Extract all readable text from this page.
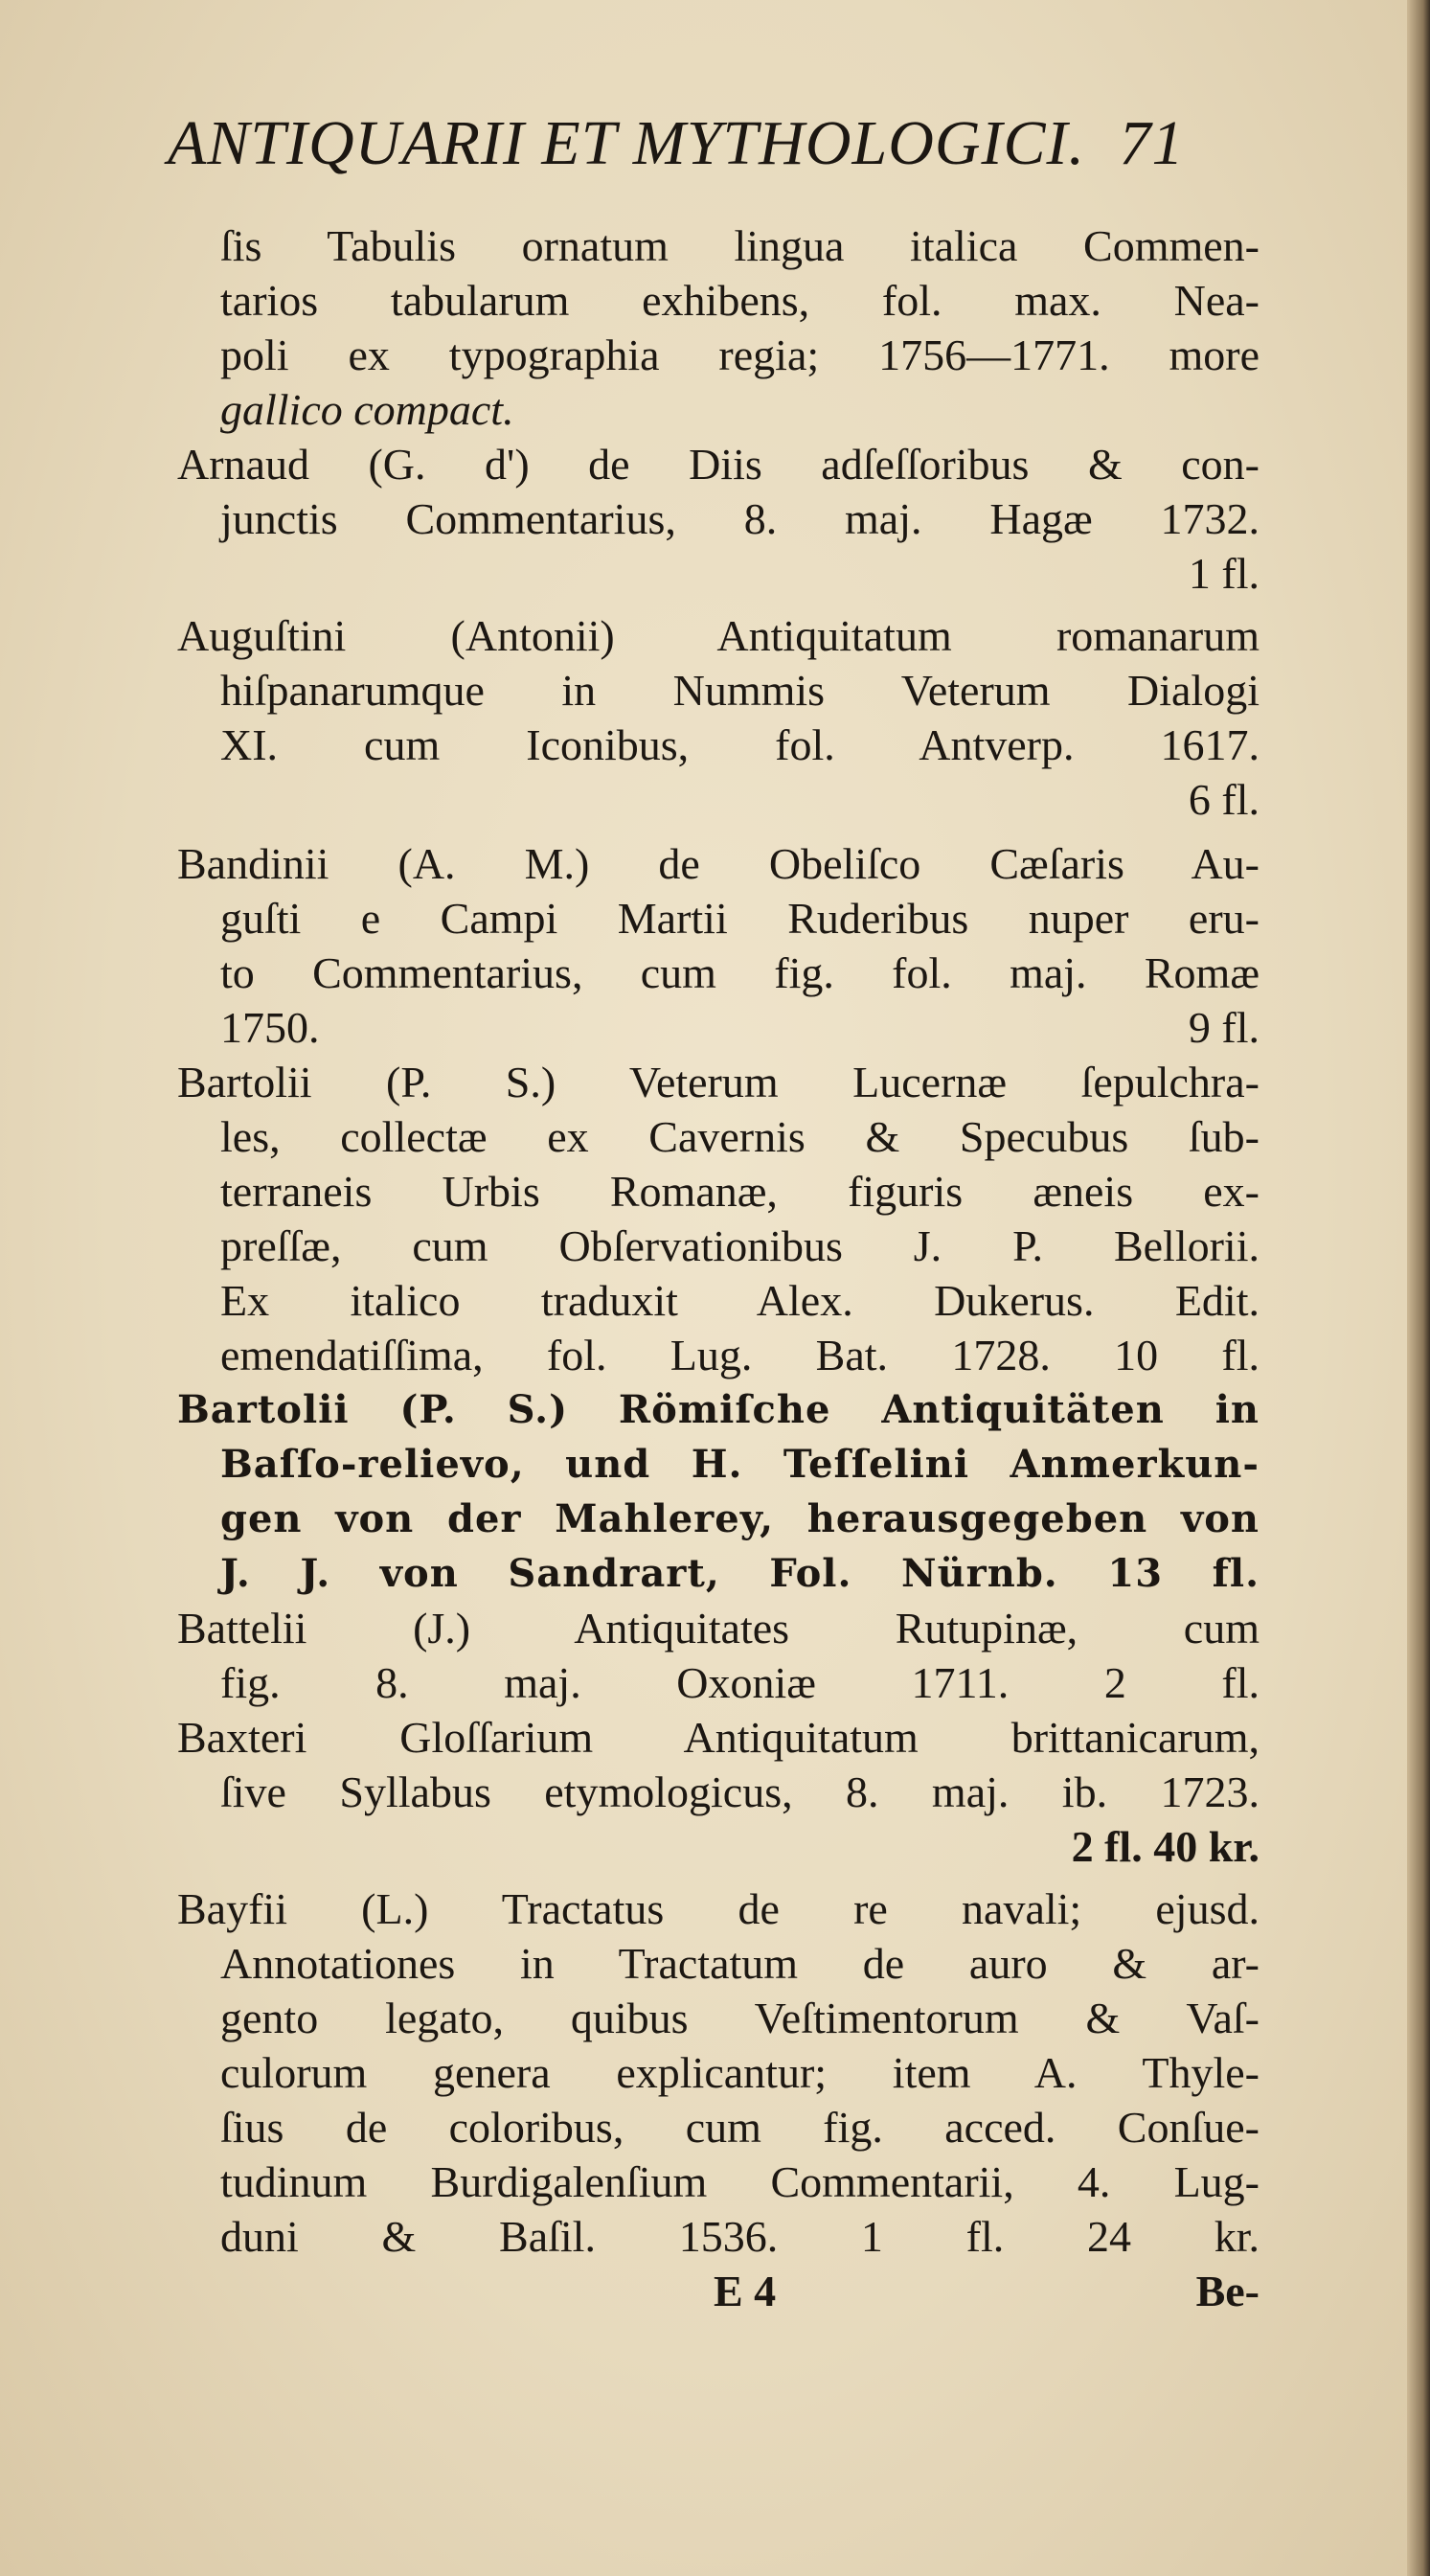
ANTIQUARII ET MYTHOLOGICI. 71
ſis Tabulis ornatum lingua italica Commen-
tarios tabularum exhibens, fol. max. Nea-
poli ex typographia regia; 1756—1771. more
gallico compact.
Arnaud (G. d') de Diis adſeſſoribus & con-
junctis Commentarius, 8. maj. Hagæ 1732.
1 fl.
Auguſtini (Antonii) Antiquitatum romanarum
hiſpanarumque in Nummis Veterum Dialogi
XI. cum Iconibus, fol. Antverp. 1617.
6 fl.
Bandinii (A. M.) de Obeliſco Cæſaris Au-
guſti e Campi Martii Ruderibus nuper eru-
to Commentarius, cum fig. fol. maj. Romæ
1750.	9 fl.
Bartolii (P. S.) Veterum Lucernæ ſepulchra-
les, collectæ ex Cavernis & Specubus ſub-
terraneis Urbis Romanæ, figuris æneis ex-
preſſæ, cum Obſervationibus J. P. Bellorii.
Ex italico traduxit Alex. Dukerus. Edit.
emendatiſſima, fol. Lug. Bat. 1728. 10 fl.
Bartolii (P. S.) Römiſche Antiquitäten in
Baſſo-relievo, und H. Teſſelini Anmerkun-
gen von der Mahlerey, herausgegeben von
J. J. von Sandrart, Fol. Nürnb. 13 fl.
Battelii (J.) Antiquitates Rutupinæ, cum
fig. 8. maj. Oxoniæ 1711. 2 fl.
Baxteri Gloſſarium Antiquitatum brittanicarum,
ſive Syllabus etymologicus, 8. maj. ib. 1723.
2 fl. 40 kr.
Bayfii (L.) Tractatus de re navali; ejusd.
Annotationes in Tractatum de auro & ar-
gento legato, quibus Veſtimentorum & Vaſ-
culorum genera explicantur; item A. Thyle-
ſius de coloribus, cum fig. acced. Conſue-
tudinum Burdigalenſium Commentarii, 4. Lug-
duni & Baſil. 1536. 1 fl. 24 kr.
E 4	Be-
